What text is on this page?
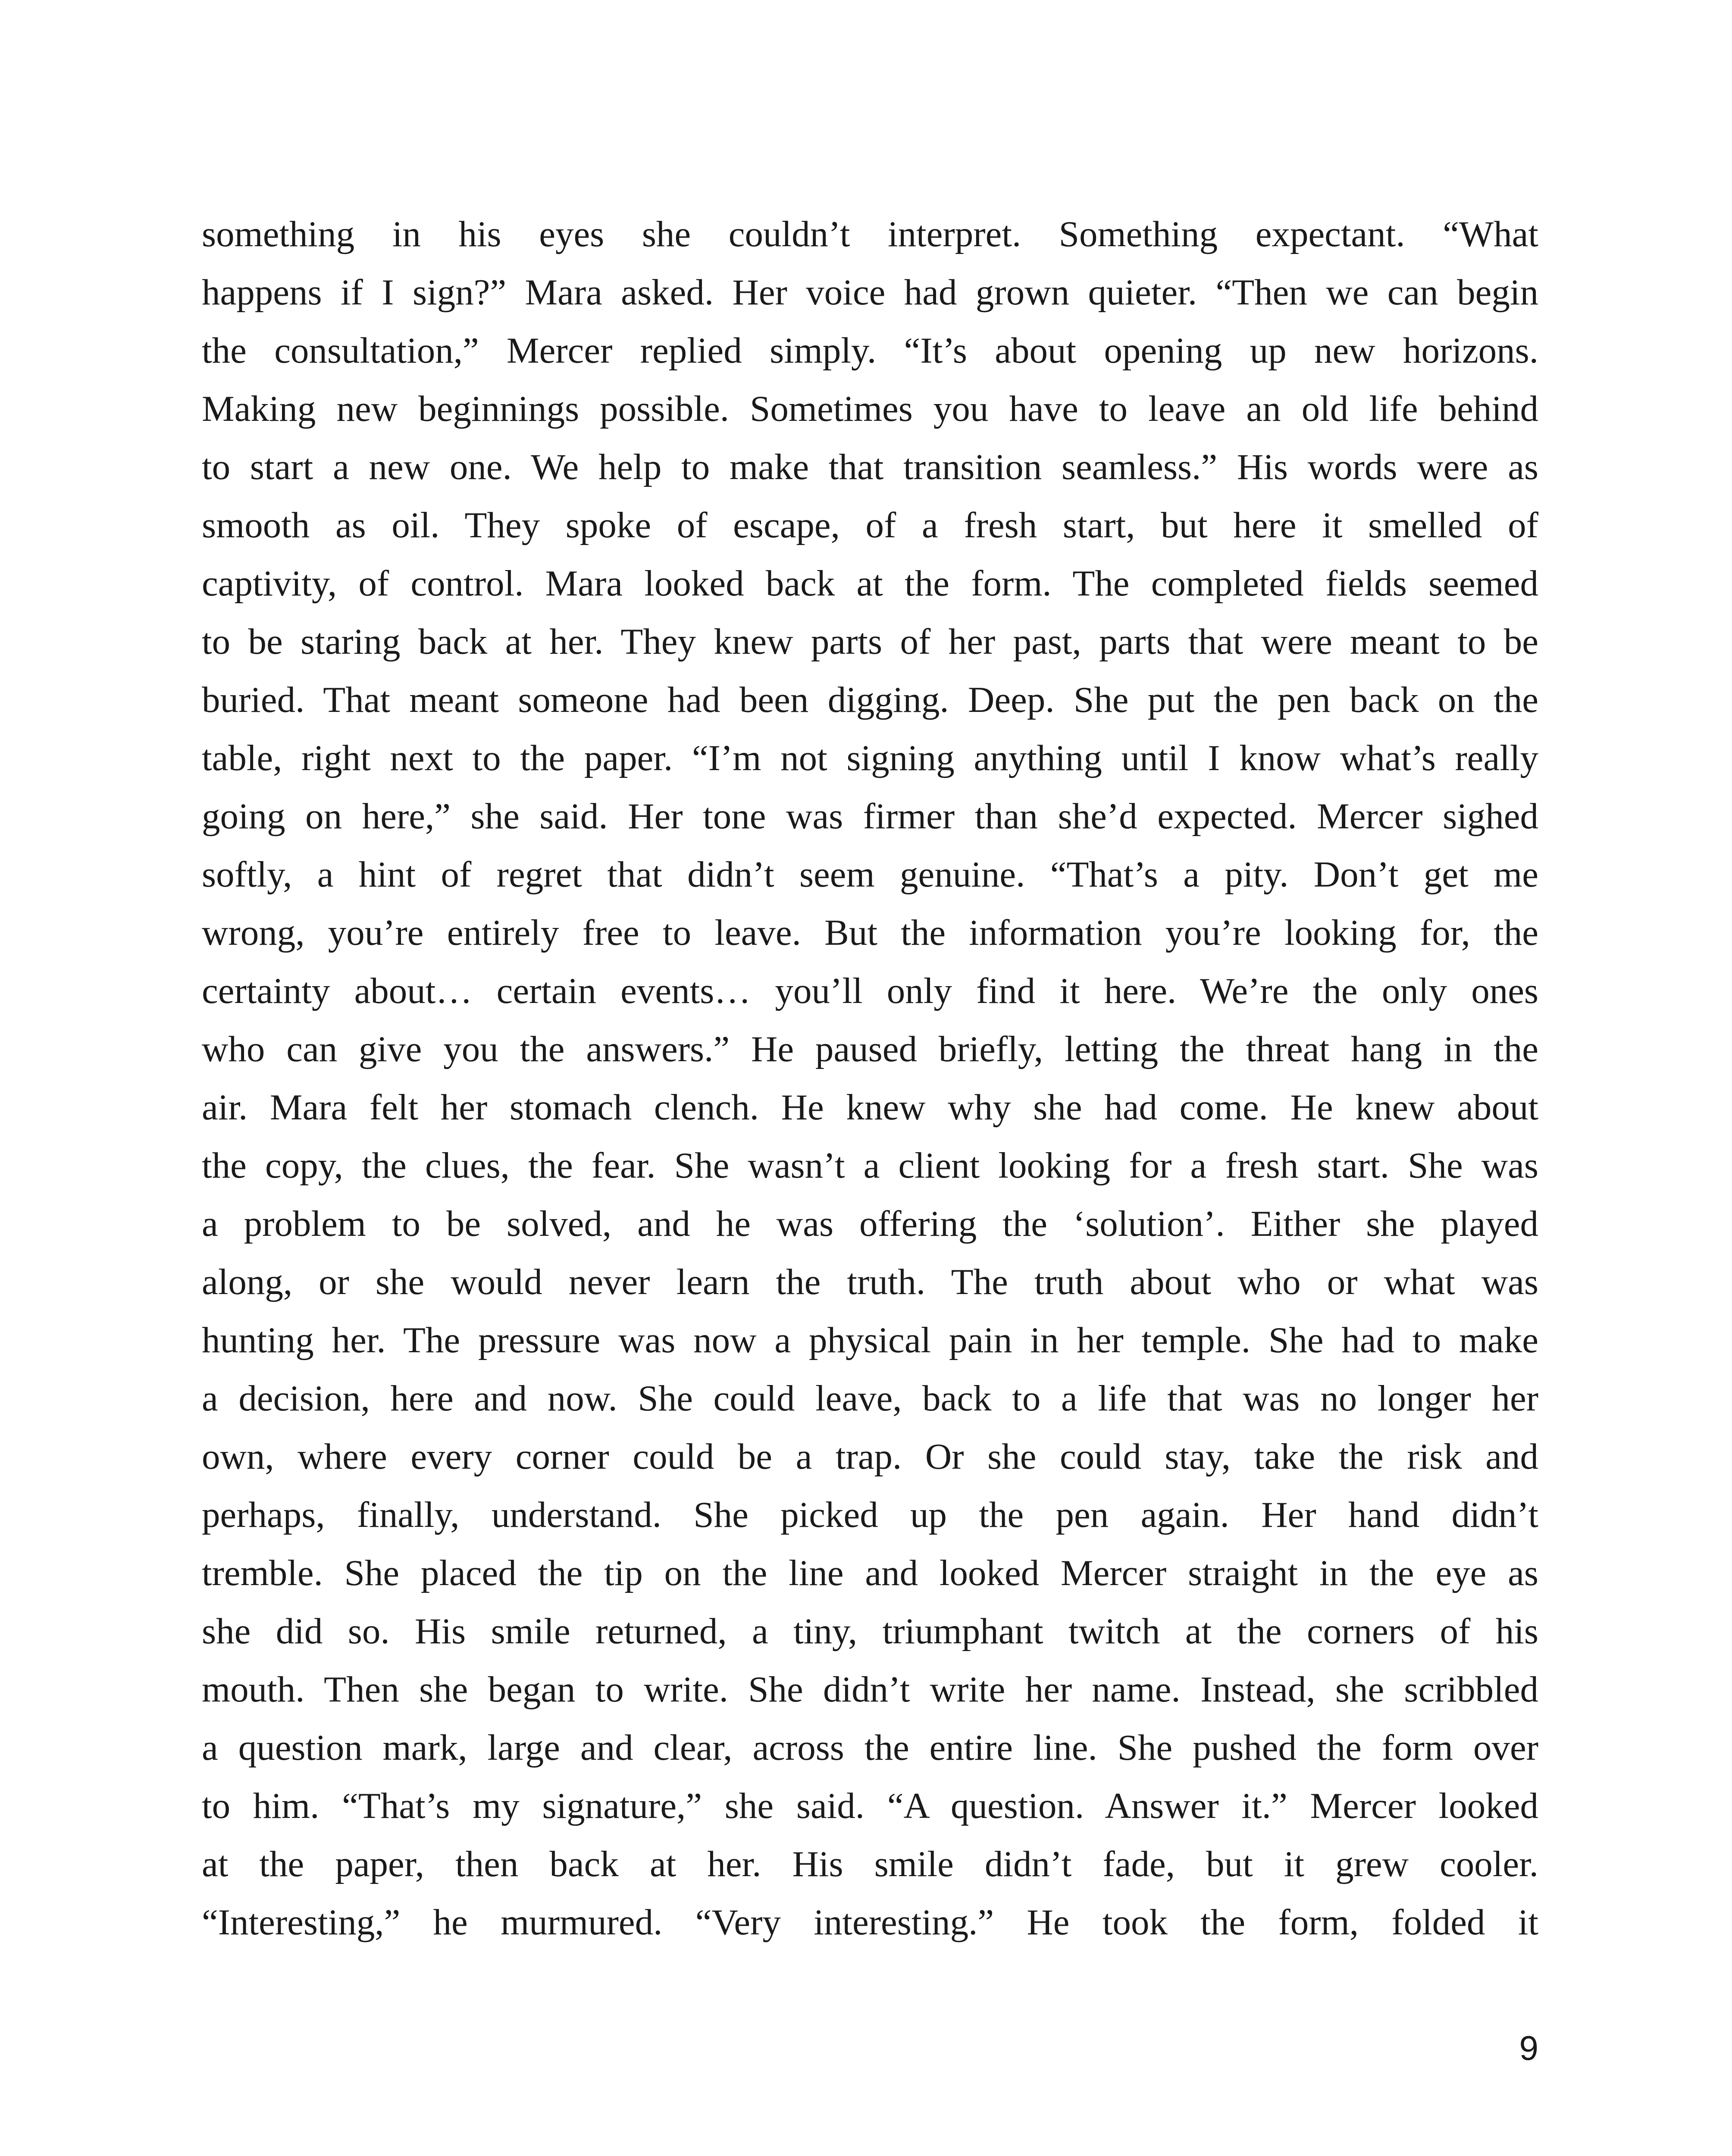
something in his eyes she couldn’t interpret. Something expectant. “What
happens if I sign?” Mara asked. Her voice had grown quieter. “Then we can begin
the consultation,” Mercer replied simply. “It’s about opening up new horizons.
Making new beginnings possible. Sometimes you have to leave an old life behind
to start a new one. We help to make that transition seamless.” His words were as
smooth as oil. They spoke of escape, of a fresh start, but here it smelled of
captivity, of control. Mara looked back at the form. The completed fields seemed
to be staring back at her. They knew parts of her past, parts that were meant to be
buried. That meant someone had been digging. Deep. She put the pen back on the
table, right next to the paper. “I’m not signing anything until I know what’s really
going on here,” she said. Her tone was firmer than she’d expected. Mercer sighed
softly, a hint of regret that didn’t seem genuine. “That’s a pity. Don’t get me
wrong, you’re entirely free to leave. But the information you’re looking for, the
certainty about… certain events… you’ll only find it here. We’re the only ones
who can give you the answers.” He paused briefly, letting the threat hang in the
air. Mara felt her stomach clench. He knew why she had come. He knew about
the copy, the clues, the fear. She wasn’t a client looking for a fresh start. She was
a problem to be solved, and he was offering the ‘solution’. Either she played
along, or she would never learn the truth. The truth about who or what was
hunting her. The pressure was now a physical pain in her temple. She had to make
a decision, here and now. She could leave, back to a life that was no longer her
own, where every corner could be a trap. Or she could stay, take the risk and
perhaps, finally, understand. She picked up the pen again. Her hand didn’t
tremble. She placed the tip on the line and looked Mercer straight in the eye as
she did so. His smile returned, a tiny, triumphant twitch at the corners of his
mouth. Then she began to write. She didn’t write her name. Instead, she scribbled
a question mark, large and clear, across the entire line. She pushed the form over
to him. “That’s my signature,” she said. “A question. Answer it.” Mercer looked
at the paper, then back at her. His smile didn’t fade, but it grew cooler.
“Interesting,” he murmured. “Very interesting.” He took the form, folded it
9
